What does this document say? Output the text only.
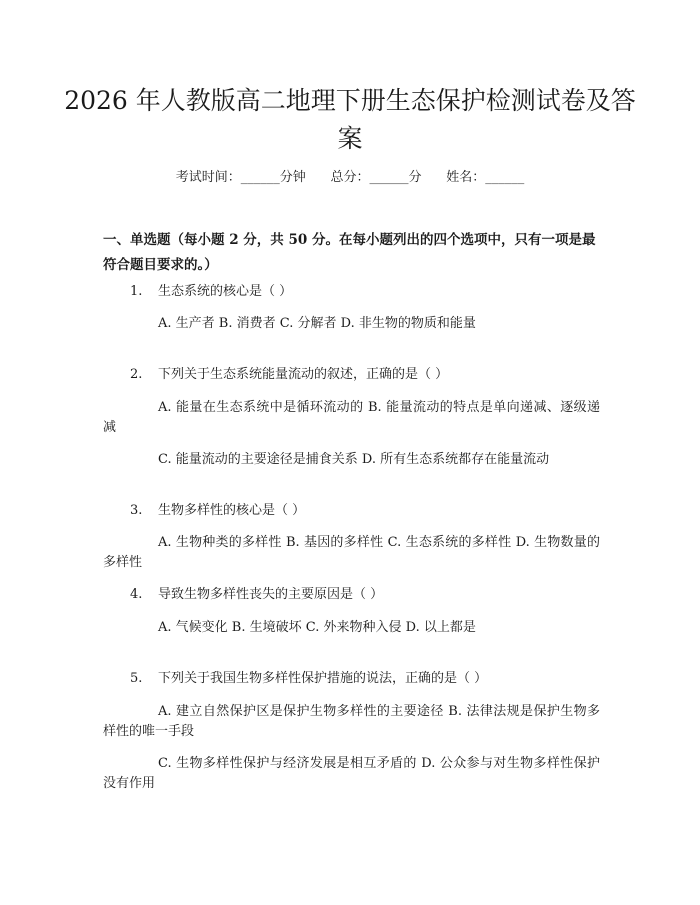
2026 年人教版高二地理下册生态保护检测试卷及答案
考试时间：______分钟      总分：______分      姓名：______
一、单选题（每小题 2 分，共 50 分。在每小题列出的四个选项中，只有一项是最符合题目要求的。）
1. 生态系统的核心是（ ）
A. 生产者 B. 消费者 C. 分解者 D. 非生物的物质和能量
2. 下列关于生态系统能量流动的叙述，正确的是（ ）
A. 能量在生态系统中是循环流动的 B. 能量流动的特点是单向递减、逐级递减
C. 能量流动的主要途径是捕食关系 D. 所有生态系统都存在能量流动
3. 生物多样性的核心是（ ）
A. 生物种类的多样性 B. 基因的多样性 C. 生态系统的多样性 D. 生物数量的多样性
4. 导致生物多样性丧失的主要原因是（ ）
A. 气候变化 B. 生境破坏 C. 外来物种入侵 D. 以上都是
5. 下列关于我国生物多样性保护措施的说法，正确的是（ ）
A. 建立自然保护区是保护生物多样性的主要途径 B. 法律法规是保护生物多样性的唯一手段
C. 生物多样性保护与经济发展是相互矛盾的 D. 公众参与对生物多样性保护没有作用
